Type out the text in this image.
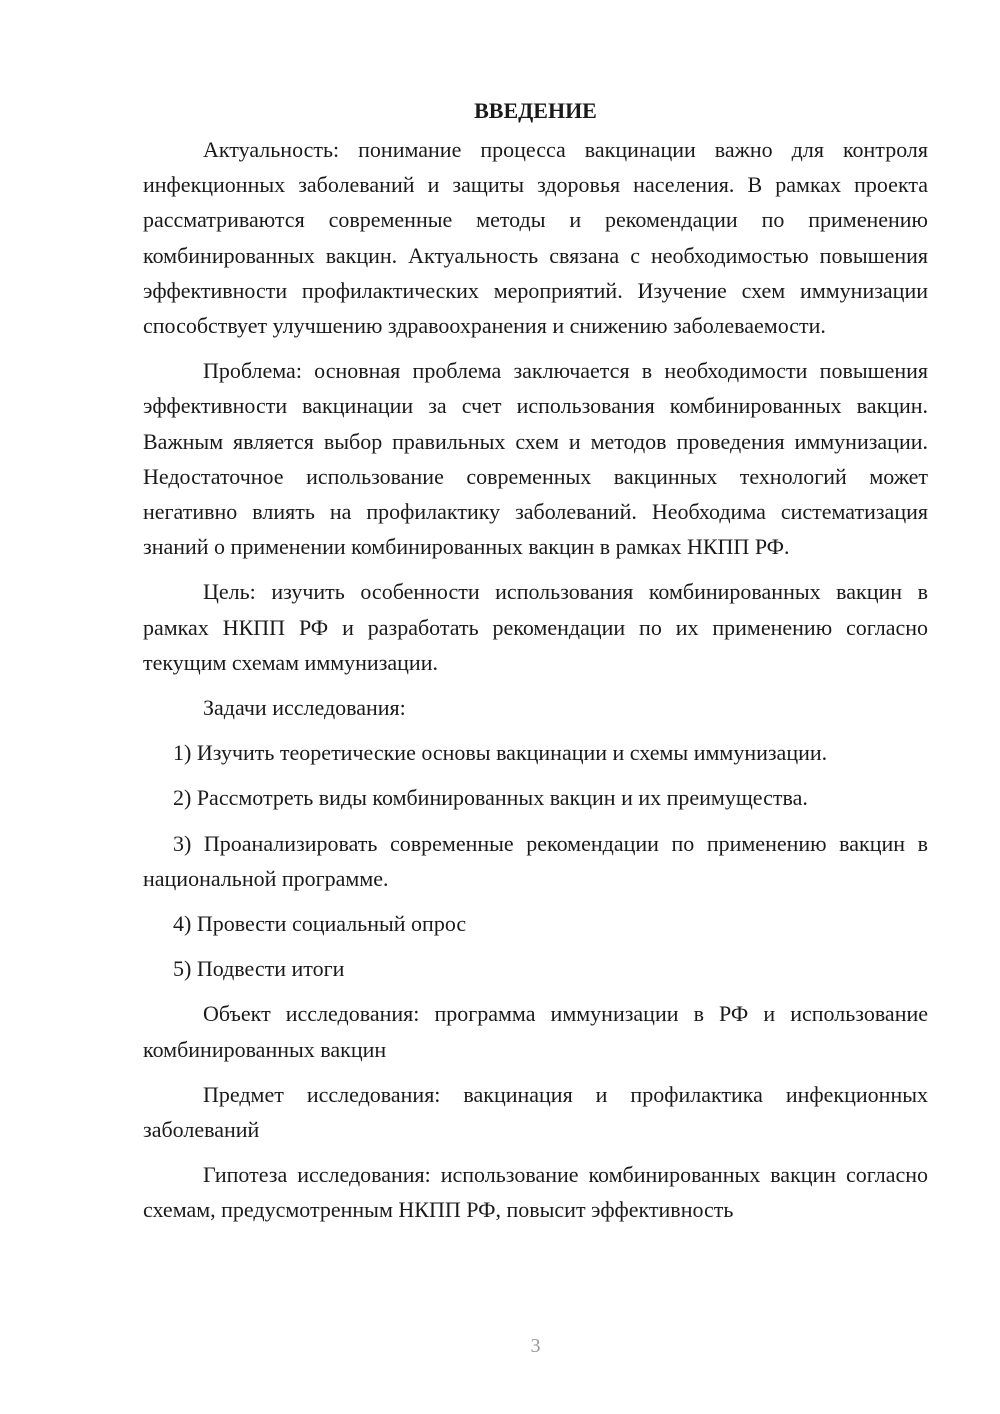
ВВЕДЕНИЕ

Актуальность: понимание процесса вакцинации важно для контроля инфекционных заболеваний и защиты здоровья населения. В рамках проекта рассматриваются современные методы и рекомендации по применению комбинированных вакцин. Актуальность связана с необходимостью повышения эффективности профилактических мероприятий. Изучение схем иммунизации способствует улучшению здравоохранения и снижению заболеваемости.

Проблема: основная проблема заключается в необходимости повышения эффективности вакцинации за счет использования комбинированных вакцин. Важным является выбор правильных схем и методов проведения иммунизации. Недостаточное использование современных вакцинных технологий может негативно влиять на профилактику заболеваний. Необходима систематизация знаний о применении комбинированных вакцин в рамках НКПП РФ.

Цель: изучить особенности использования комбинированных вакцин в рамках НКПП РФ и разработать рекомендации по их применению согласно текущим схемам иммунизации.

Задачи исследования:

1) Изучить теоретические основы вакцинации и схемы иммунизации.

2) Рассмотреть виды комбинированных вакцин и их преимущества.

3) Проанализировать современные рекомендации по применению вакцин в национальной программе.

4) Провести социальный опрос

5) Подвести итоги

Объект исследования: программа иммунизации в РФ и использование комбинированных вакцин

Предмет исследования: вакцинация и профилактика инфекционных заболеваний

Гипотеза исследования: использование комбинированных вакцин согласно схемам, предусмотренным НКПП РФ, повысит эффективность

3
